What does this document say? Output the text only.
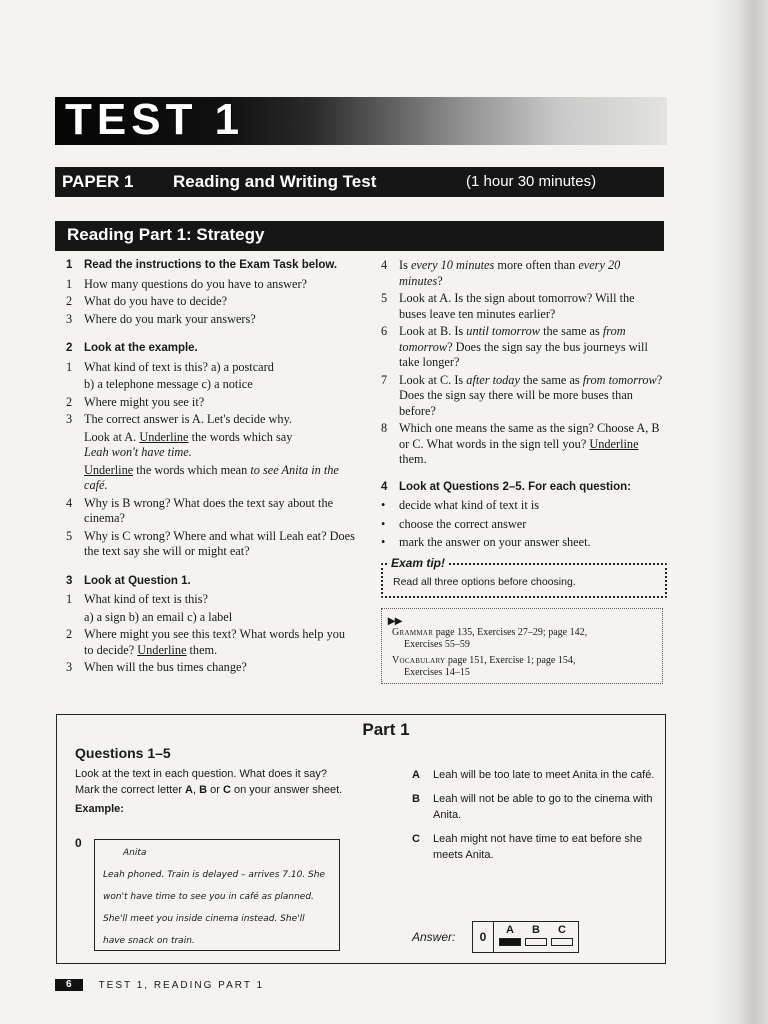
TEST 1
PAPER 1 Reading and Writing Test	(1 hour 30 minutes)
Reading Part 1: Strategy
1	Read the instructions to the Exam Task below.
1 How many questions do you have to answer?
2 What do you have to decide?
3 Where do you mark your answers?
2	Look at the example.
1 What kind of text is this? a) a postcard
b) a telephone message c) a notice
2 Where might you see it?
3 The correct answer is A. Let's decide why.
Look at A. Underline the words which say
Leah won't have time.
Underline the words which mean to see Anita in the café.
4 Why is B wrong? What does the text say about the cinema?
5 Why is C wrong? Where and what will Leah eat? Does the text say she will or might eat?
3	Look at Question 1.
1 What kind of text is this?
a) a sign b) an email c) a label
2 Where might you see this text? What words help you to decide? Underline them.
3 When will the bus times change?
4 Is every 10 minutes more often than every 20 minutes?
5 Look at A. Is the sign about tomorrow? Will the buses leave ten minutes earlier?
6 Look at B. Is until tomorrow the same as from tomorrow? Does the sign say the bus journeys will take longer?
7 Look at C. Is after today the same as from tomorrow? Does the sign say there will be more buses than before?
8 Which one means the same as the sign? Choose A, B or C. What words in the sign tell you? Underline them.
4	Look at Questions 2–5. For each question:
•	decide what kind of text it is
•	choose the correct answer
•	mark the answer on your answer sheet.
Exam tip!
Read all three options before choosing.
▸▸
Grammar page 135, Exercises 27–29; page 142,
Exercises 55–59
Vocabulary page 151, Exercise 1; page 154,
Exercises 14–15
Part 1
Questions 1–5
Look at the text in each question. What does it say?
Mark the correct letter A, B or C on your answer sheet.
Example:
0
Anita
Leah phoned. Train is delayed – arrives 7.10. She
won't have time to see you in café as planned.
She'll meet you inside cinema instead. She'll
have snack on train.
A	Leah will be too late to meet Anita in the café.
B	Leah will not be able to go to the cinema with Anita.
C	Leah might not have time to eat before she meets Anita.
Answer:	0	A B C
6	TEST 1, READING PART 1
